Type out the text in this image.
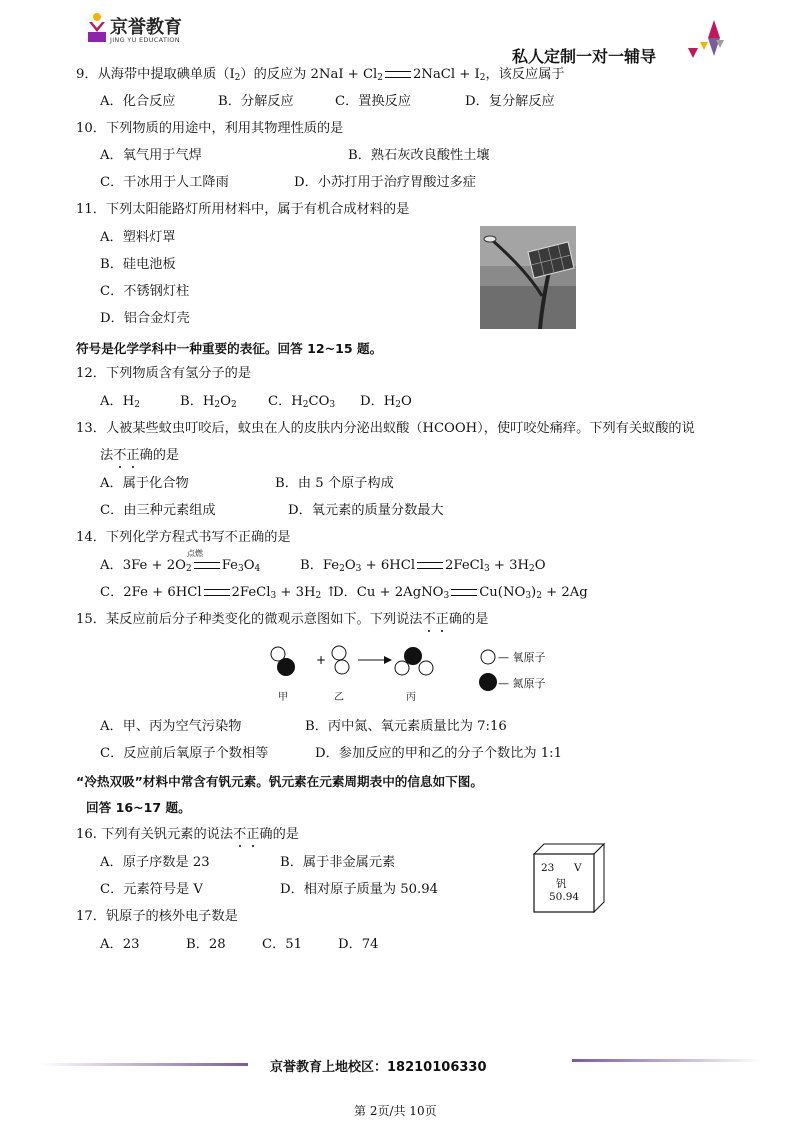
京誉教育
JING YU EDUCATION
私人定制一对一辅导
9．从海带中提取碘单质$(I_2)$的反应为 $2NaI + Cl_2$ 2NaCl + $I_2$，该反应属于
A．化合反应	B．分解反应	C．置换反应	D．复分解反应
10．下列物质的用途中，利用其物理性质的是
A．氧气用于气焊	B．熟石灰改良酸性土壤
C．干冰用于人工降雨	D．小苏打用于治疗胃酸过多症
11．下列太阳能路灯所用材料中，属于有机合成材料的是
A．塑料灯罩
B．硅电池板
C．不锈钢灯柱
D．铝合金灯壳
符号是化学学科中一种重要的表征。回答 12~15 题。
12．下列物质含有氢分子的是
A．$H_2$	B．$H_2O_2$ C．$H_2CO_3$ D．$H_2O$
13．人被某些蚊虫叮咬后，蚊虫在人的皮肤内分泌出蚁酸（HCOOH），使叮咬处痛痒。下列有关蚁酸的说
法不正确的是
A．属于化合物	B．由 5 个原子构成
C．由三种元素组成	D．氧元素的质量分数最大
14．下列化学方程式书写不正确的是
点燃
A．$3Fe + 2O_2$ $Fe_3O_4$	B．$Fe_2O_3 + 6HCl$ 2FeCl$_3$ + $3H_2O$
C．2Fe + 6HCl 2FeCl$_3$ + $3H_2$ ↑
D．Cu + 2AgNO$_3$ $Cu(NO_3)_2 + 2Ag$
15．某反应前后分子种类变化的微观示意图如下。下列说法不正确的是
+
甲	乙	丙
— 氧原子
— 氮原子
A．甲、丙为空气污染物	B．丙中氮、氧元素质量比为 7:16
C．反应前后氧原子个数相等	D．参加反应的甲和乙的分子个数比为 1:1
“冷热双吸”材料中常含有钒元素。钒元素在元素周期表中的信息如下图。
回答 16~17 题。
16. 下列有关钒元素的说法不正确的是
A．原子序数是 23	B．属于非金属元素
C．元素符号是 V	D．相对原子质量为 50.94
23 V
钒
50.94
17．钒原子的核外电子数是
A．23	B．28	C．51	D．74
京誉教育上地校区：18210106330
第 2页/共 10页
